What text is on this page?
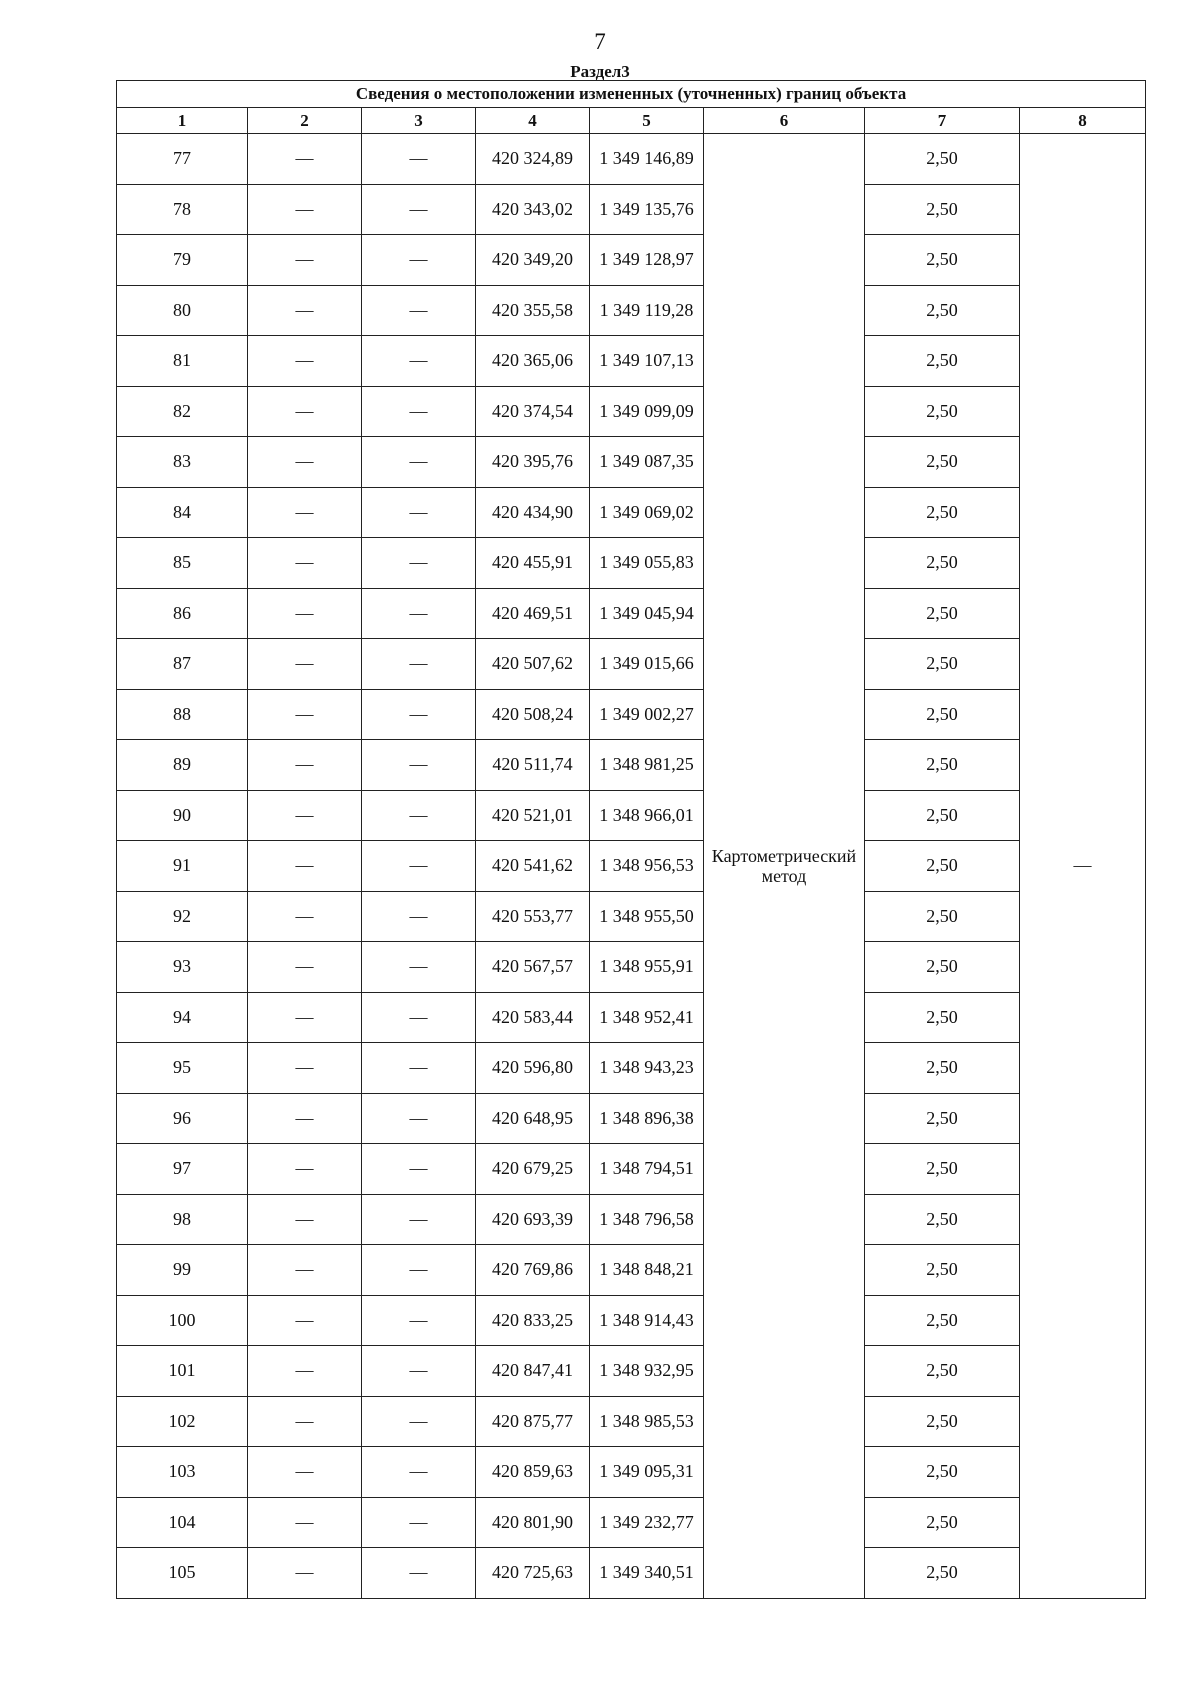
7
Раздел3
Сведения о местоположении измененных (уточненных) границ объекта							
1	2	3	4	5	6	7	8
77	—	—	420 324,89	1 349 146,89	Картометрический метод	2,50	—
78	—	—	420 343,02	1 349 135,76		2,50	
79	—	—	420 349,20	1 349 128,97		2,50	
80	—	—	420 355,58	1 349 119,28		2,50	
81	—	—	420 365,06	1 349 107,13		2,50	
82	—	—	420 374,54	1 349 099,09		2,50	
83	—	—	420 395,76	1 349 087,35		2,50	
84	—	—	420 434,90	1 349 069,02		2,50	
85	—	—	420 455,91	1 349 055,83		2,50	
86	—	—	420 469,51	1 349 045,94		2,50	
87	—	—	420 507,62	1 349 015,66		2,50	
88	—	—	420 508,24	1 349 002,27		2,50	
89	—	—	420 511,74	1 348 981,25		2,50	
90	—	—	420 521,01	1 348 966,01		2,50	
91	—	—	420 541,62	1 348 956,53		2,50	
92	—	—	420 553,77	1 348 955,50		2,50	
93	—	—	420 567,57	1 348 955,91		2,50	
94	—	—	420 583,44	1 348 952,41		2,50	
95	—	—	420 596,80	1 348 943,23		2,50	
96	—	—	420 648,95	1 348 896,38		2,50	
97	—	—	420 679,25	1 348 794,51		2,50	
98	—	—	420 693,39	1 348 796,58		2,50	
99	—	—	420 769,86	1 348 848,21		2,50	
100	—	—	420 833,25	1 348 914,43		2,50	
101	—	—	420 847,41	1 348 932,95		2,50	
102	—	—	420 875,77	1 348 985,53		2,50	
103	—	—	420 859,63	1 349 095,31		2,50	
104	—	—	420 801,90	1 349 232,77		2,50	
105	—	—	420 725,63	1 349 340,51		2,50	
